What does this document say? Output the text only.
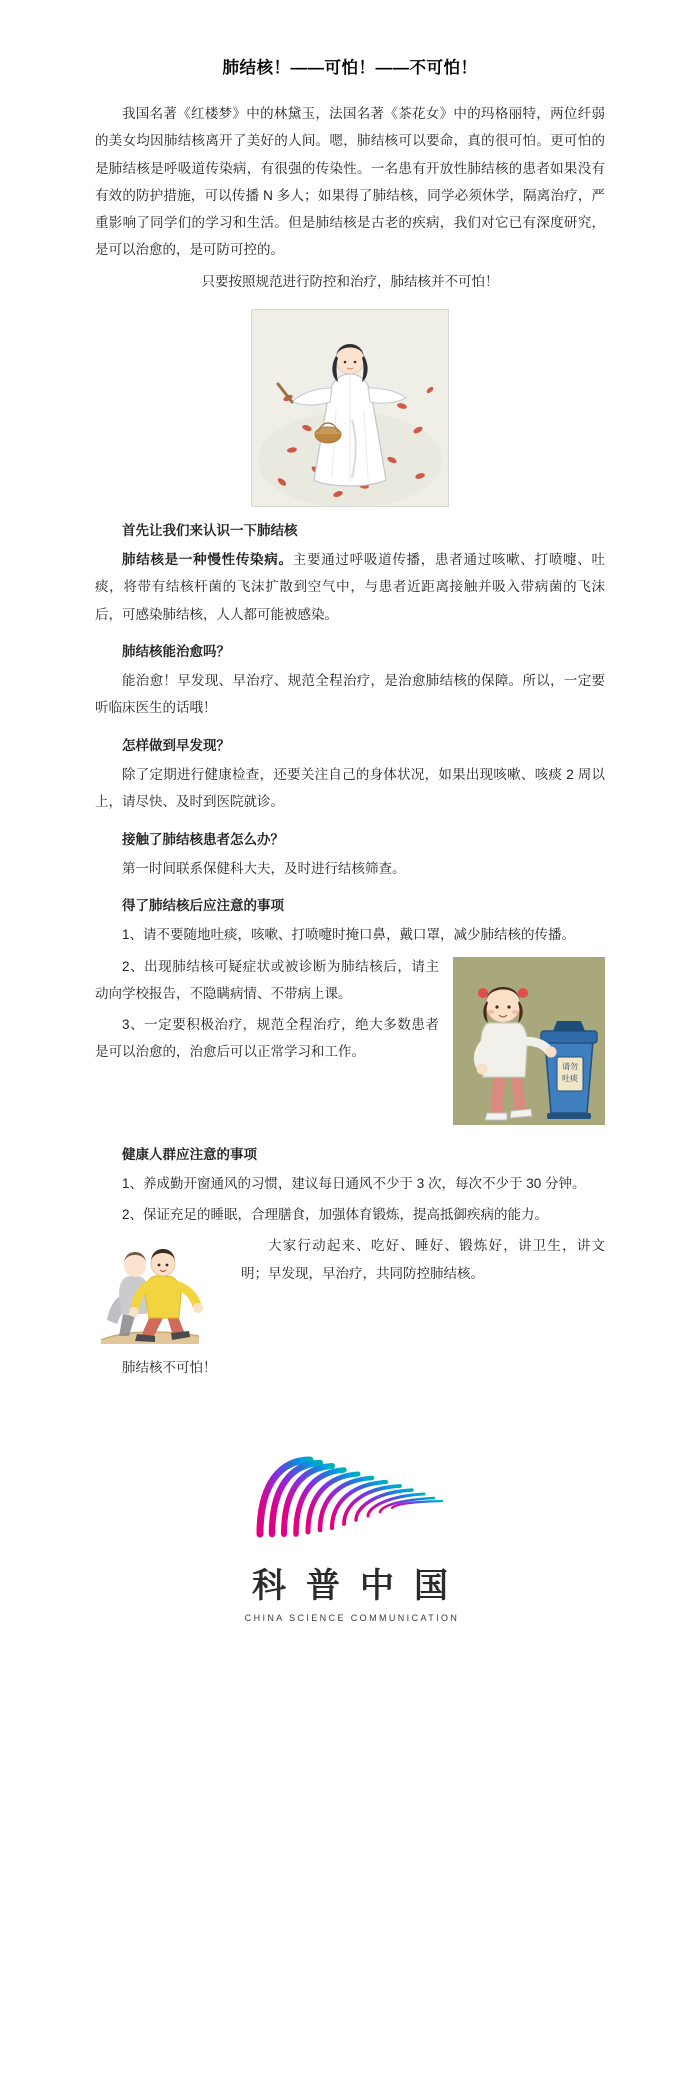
肺结核！——可怕！——不可怕！

我国名著《红楼梦》中的林黛玉，法国名著《茶花女》中的玛格丽特，两位纤弱的美女均因肺结核离开了美好的人间。嗯，肺结核可以要命，真的很可怕。更可怕的是肺结核是呼吸道传染病，有很强的传染性。一名患有开放性肺结核的患者如果没有有效的防护措施，可以传播 N 多人；如果得了肺结核，同学必须休学，隔离治疗，严重影响了同学们的学习和生活。但是肺结核是古老的疾病，我们对它已有深度研究，是可以治愈的，是可防可控的。

只要按照规范进行防控和治疗，肺结核并不可怕！

首先让我们来认识一下肺结核

肺结核是一种慢性传染病。主要通过呼吸道传播，患者通过咳嗽、打喷嚏、吐痰，将带有结核杆菌的飞沫扩散到空气中，与患者近距离接触并吸入带病菌的飞沫后，可感染肺结核，人人都可能被感染。

肺结核能治愈吗？

能治愈！早发现、早治疗、规范全程治疗，是治愈肺结核的保障。所以，一定要听临床医生的话哦！

怎样做到早发现？

除了定期进行健康检查，还要关注自己的身体状况，如果出现咳嗽、咳痰 2 周以上，请尽快、及时到医院就诊。

接触了肺结核患者怎么办？

第一时间联系保健科大夫，及时进行结核筛查。

得了肺结核后应注意的事项

1、请不要随地吐痰，咳嗽、打喷嚏时掩口鼻，戴口罩，减少肺结核的传播。

请勿
吐痰

2、出现肺结核可疑症状或被诊断为肺结核后，请主动向学校报告，不隐瞒病情、不带病上课。

3、一定要积极治疗，规范全程治疗，绝大多数患者是可以治愈的，治愈后可以正常学习和工作。

健康人群应注意的事项

1、养成勤开窗通风的习惯，建议每日通风不少于 3 次，每次不少于 30 分钟。

2、保证充足的睡眠，合理膳食，加强体育锻炼，提高抵御疾病的能力。

大家行动起来、吃好、睡好、锻炼好，讲卫生，讲文明；早发现，早治疗，共同防控肺结核。

肺结核不可怕！

科普中国
CHINA SCIENCE COMMUNICATION
